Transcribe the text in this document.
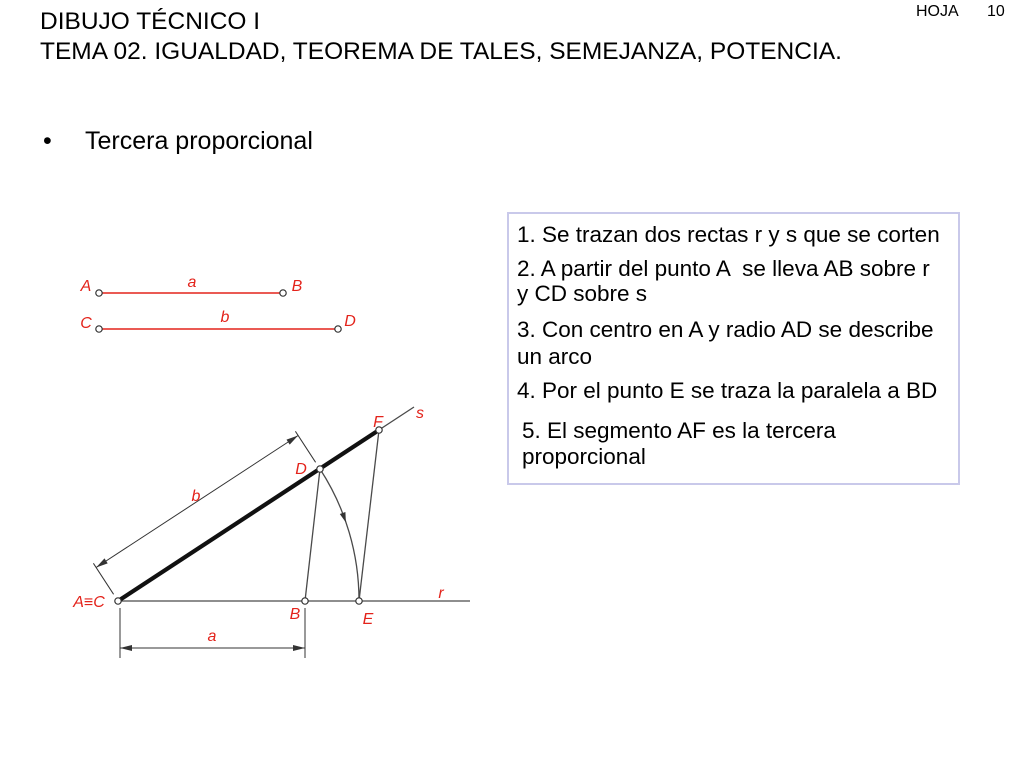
A	a	B
C	b	D
A≡C
B	E
D
F
s
r
b
a
DIBUJO TÉCNICO I
TEMA 02. IGUALDAD, TEOREMA DE TALES, SEMEJANZA, POTENCIA.
HOJA 10
• Tercera proporcional
1. Se trazan dos rectas r y s que se corten
2. A partir del punto A  se lleva AB sobre r
y CD sobre s
3. Con centro en A y radio AD se describe
un arco
4. Por el punto E se traza la paralela a BD
5. El segmento AF es la tercera
proporcional
